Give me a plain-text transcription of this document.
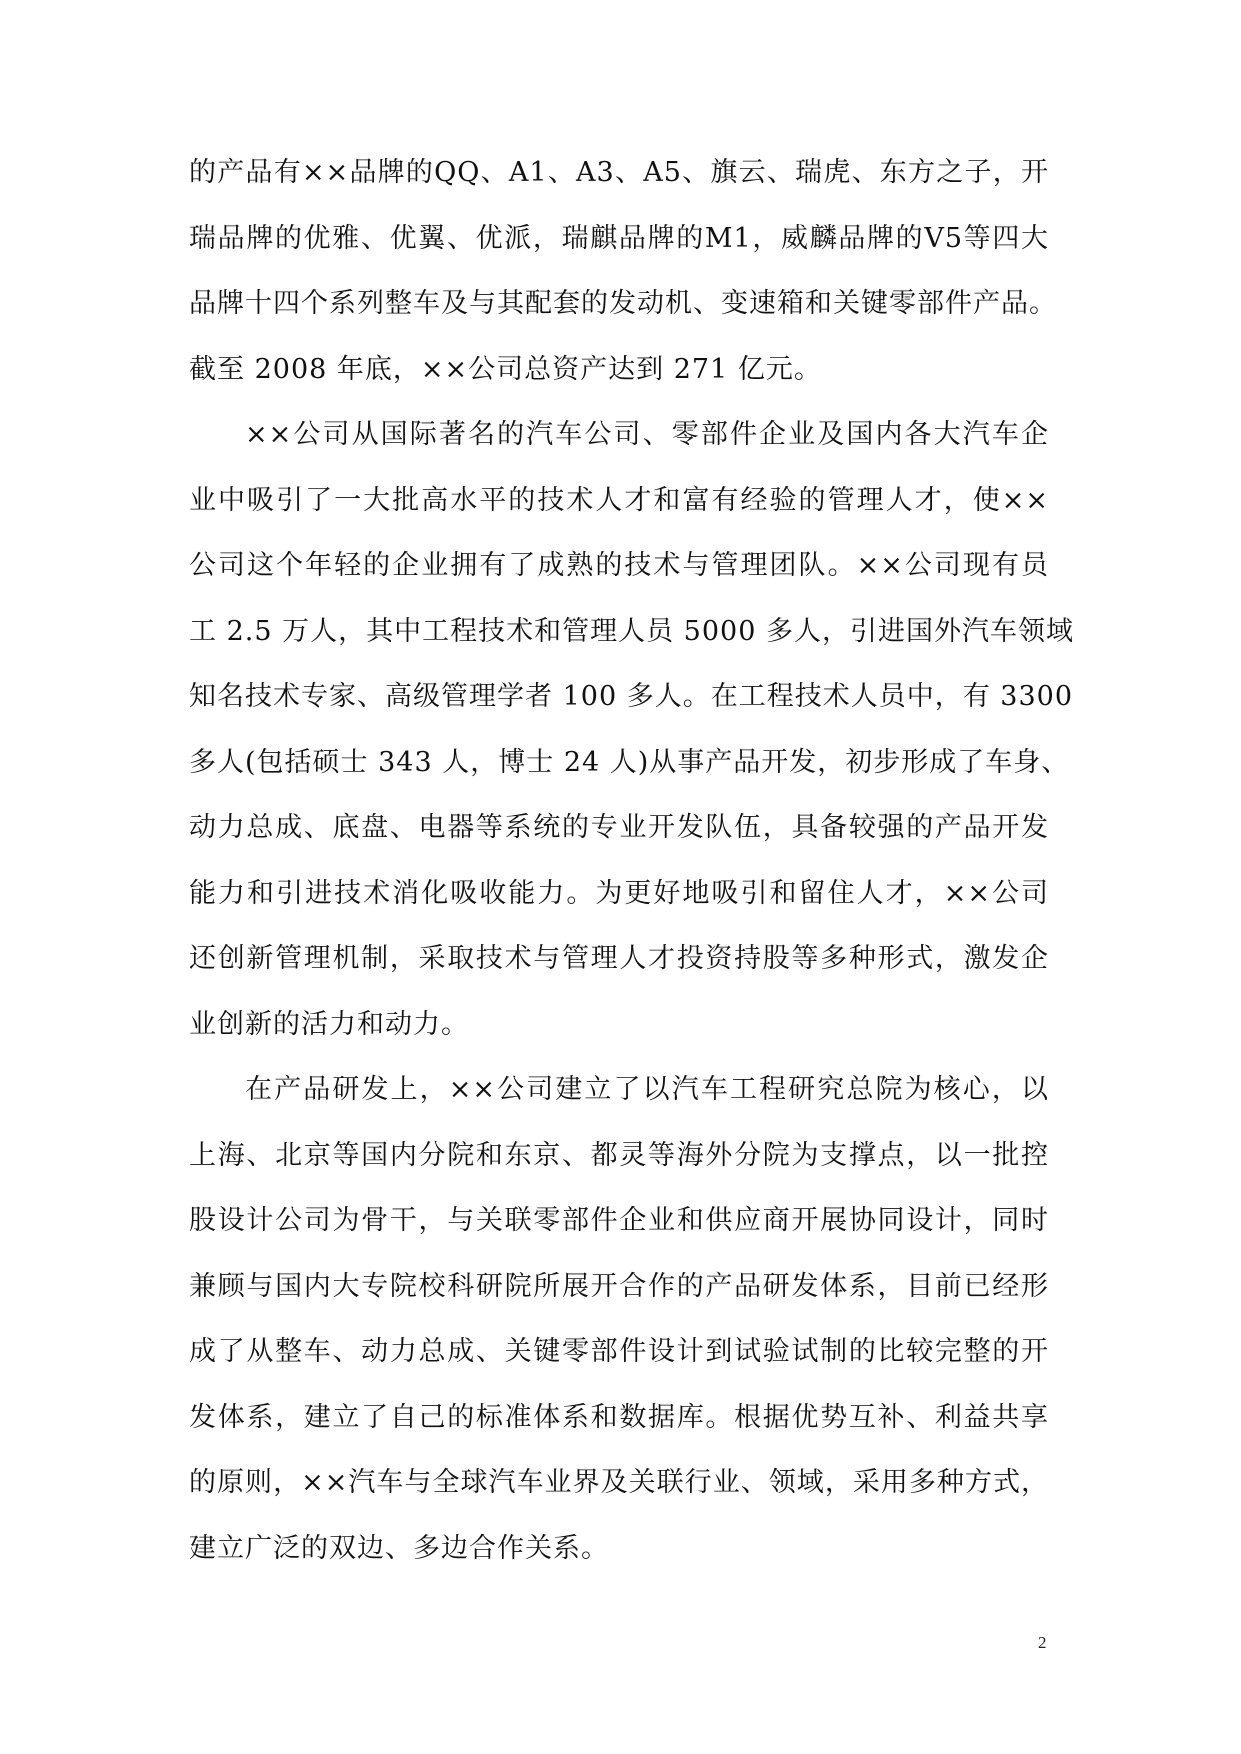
的产品有××品牌的QQ、A1、A3、A5、旗云、瑞虎、东方之子，开
瑞品牌的优雅、优翼、优派，瑞麒品牌的M1，威麟品牌的V5等四大
品牌十四个系列整车及与其配套的发动机、变速箱和关键零部件产品。
截至 2008 年底，××公司总资产达到 271 亿元。

××公司从国际著名的汽车公司、零部件企业及国内各大汽车企
业中吸引了一大批高水平的技术人才和富有经验的管理人才，使××
公司这个年轻的企业拥有了成熟的技术与管理团队。××公司现有员
工 2.5 万人，其中工程技术和管理人员 5000 多人，引进国外汽车领域
知名技术专家、高级管理学者 100 多人。在工程技术人员中，有 3300
多人(包括硕士 343 人，博士 24 人)从事产品开发，初步形成了车身、
动力总成、底盘、电器等系统的专业开发队伍，具备较强的产品开发
能力和引进技术消化吸收能力。为更好地吸引和留住人才，××公司
还创新管理机制，采取技术与管理人才投资持股等多种形式，激发企
业创新的活力和动力。

在产品研发上，××公司建立了以汽车工程研究总院为核心，以
上海、北京等国内分院和东京、都灵等海外分院为支撑点，以一批控
股设计公司为骨干，与关联零部件企业和供应商开展协同设计，同时
兼顾与国内大专院校科研院所展开合作的产品研发体系，目前已经形
成了从整车、动力总成、关键零部件设计到试验试制的比较完整的开
发体系，建立了自己的标准体系和数据库。根据优势互补、利益共享
的原则，××汽车与全球汽车业界及关联行业、领域，采用多种方式，
建立广泛的双边、多边合作关系。

2
